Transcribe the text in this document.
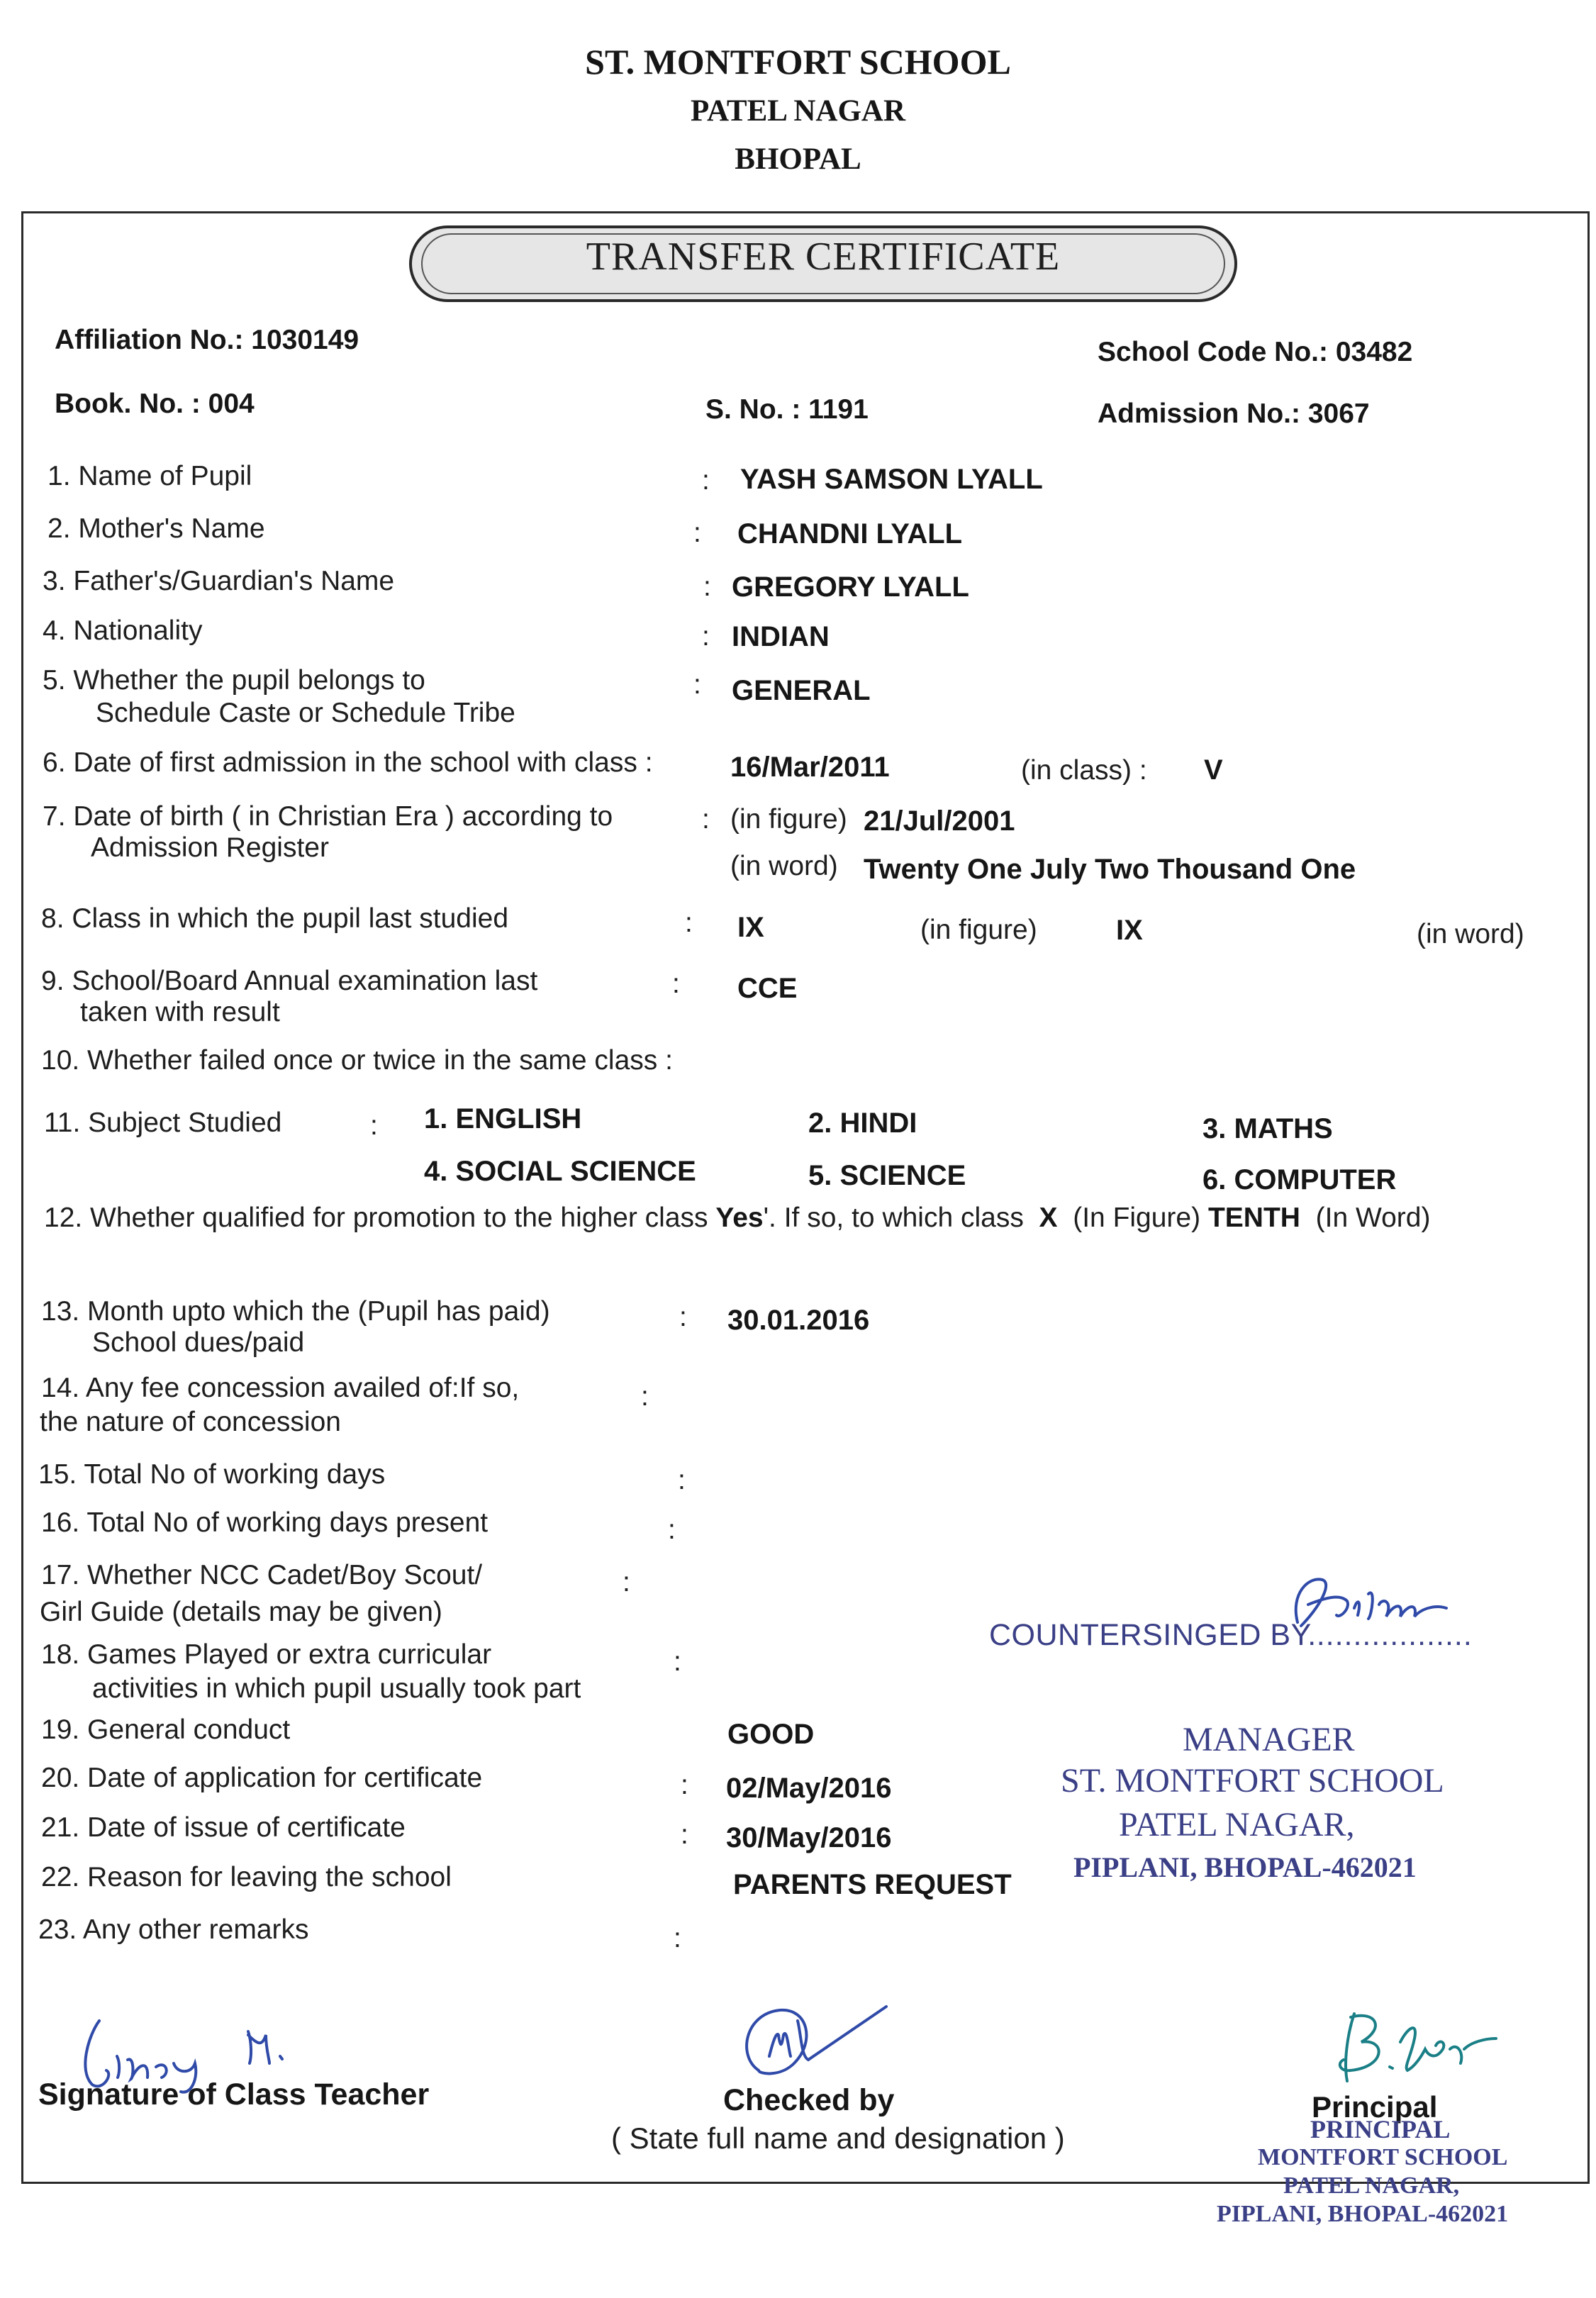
ST. MONTFORT SCHOOL
PATEL NAGAR
BHOPAL
TRANSFER CERTIFICATE
Affiliation No.: 1030149	School Code No.: 03482
Book. No. : 004	S. No. : 1191	Admission No.: 3067
1. Name of Pupil	: YASH SAMSON LYALL
2. Mother's Name	: CHANDNI LYALL
3. Father's/Guardian's Name	: GREGORY LYALL
4. Nationality	: INDIAN
5. Whether the pupil belongs to
Schedule Caste or Schedule Tribe
: GENERAL
6. Date of first admission in the school with class :	16/Mar/2011	(in class) : V
7. Date of birth ( in Christian Era ) according to
Admission Register
: (in figure) 21/Jul/2001
(in word) Twenty One July Two Thousand One
8. Class in which the pupil last studied	: IX	(in figure)	IX	(in word)
9. School/Board Annual examination last
taken with result
: CCE
10. Whether failed once or twice in the same class :
11. Subject Studied	: 1. ENGLISH	2. HINDI	3. MATHS
4. SOCIAL SCIENCE	5. SCIENCE	6. COMPUTER
12. Whether qualified for promotion to the higher class Yes'. If so, to which class X (In Figure) TENTH (In Word)
13. Month upto which the (Pupil has paid)
School dues/paid
: 30.01.2016
14. Any fee concession availed of:If so,
the nature of concession
:
15. Total No of working days	:
16. Total No of working days present	:
17. Whether NCC Cadet/Boy Scout/
Girl Guide (details may be given)
:
18. Games Played or extra curricular
activities in which pupil usually took part
:
19. General conduct	GOOD
20. Date of application for certificate	: 02/May/2016
21. Date of issue of certificate	: 30/May/2016
22. Reason for leaving the school	PARENTS REQUEST
23. Any other remarks	:
COUNTERSINGED BY..................
MANAGER
ST. MONTFORT SCHOOL
PATEL NAGAR,
PIPLANI, BHOPAL-462021
Signature of Class Teacher	Checked by
( State full name and designation )
Principal
PRINCIPAL
MONTFORT SCHOOL
PATEL NAGAR,
PIPLANI, BHOPAL-462021
